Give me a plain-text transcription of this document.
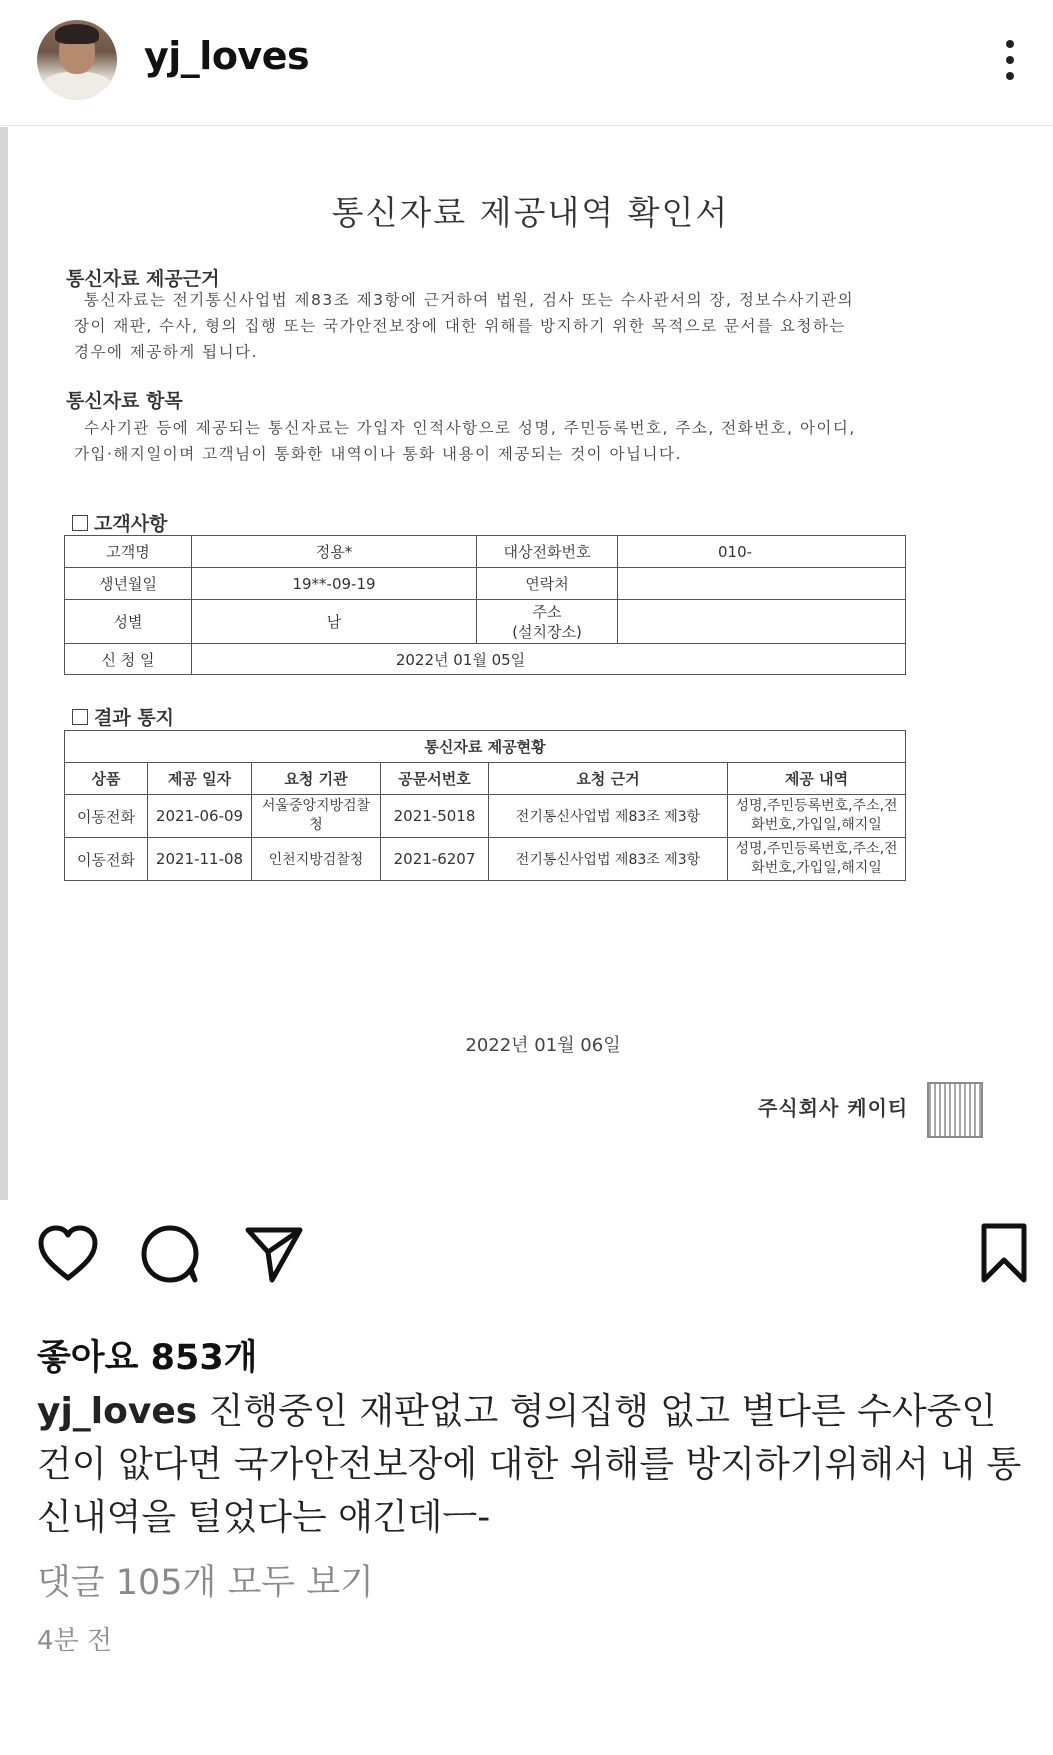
yj_loves
통신자료 제공내역 확인서
통신자료 제공근거
통신자료는 전기통신사업법 제83조 제3항에 근거하여 법원, 검사 또는 수사관서의 장, 정보수사기관의
장이 재판, 수사, 형의 집행 또는 국가안전보장에 대한 위해를 방지하기 위한 목적으로 문서를 요청하는
경우에 제공하게 됩니다.
통신자료 항목
수사기관 등에 제공되는 통신자료는 가입자 인적사항으로 성명, 주민등록번호, 주소, 전화번호, 아이디,
가입·해지일이며 고객님이 통화한 내역이나 통화 내용이 제공되는 것이 아닙니다.
고객사항
고객명	정용*	대상전화번호	010-
생년월일	19**-09-19	연락처	
성별	남	주소
(설치장소)	

신 청 일	2022년 01월 05일		
결과 통지
통신자료 제공현황					
상품	제공 일자	요청 기관	공문서번호	요청 근거	제공 내역
이동전화	2021-06-09	서울중앙지방검찰청	2021-5018	전기통신사업법 제83조 제3항	성명,주민등록번호,주소,전화번호,가입일,해지일
이동전화	2021-11-08	인천지방검찰청	2021-6207	전기통신사업법 제83조 제3항	성명,주민등록번호,주소,전화번호,가입일,해지일
2022년 01월 06일
주식회사 케이티
좋아요 853개
yj_loves 진행중인 재판없고 형의집행 없고 별다른 수사중인 건이 앖다면 국가안전보장에 대한 위해를 방지하기위해서 내 통신내역을 털었다는 얘긴데ㅡ-
댓글 105개 모두 보기
4분 전
